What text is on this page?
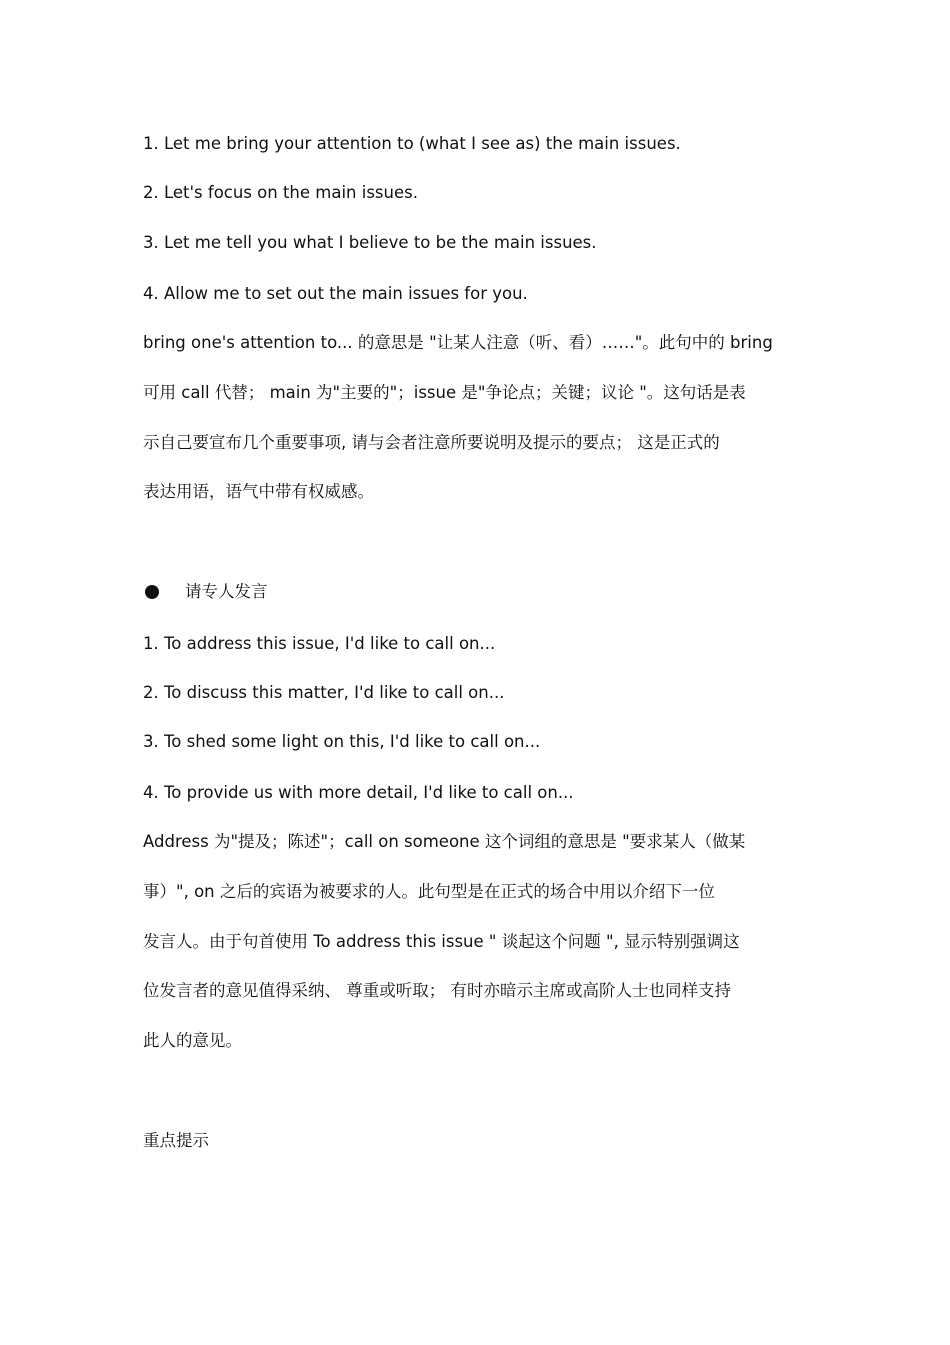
1. Let me bring your attention to (what I see as) the main issues.
2. Let's focus on the main issues.
3. Let me tell you what I believe to be the main issues.
4. Allow me to set out the main issues for you.
bring one's attention to... 的意思是 "让某人注意（听、看）……"。此句中的 bring
可用 call 代替； main 为"主要的"；issue 是"争论点；关键；议论 "。这句话是表
示自己要宣布几个重要事项, 请与会者注意所要说明及提示的要点； 这是正式的
表达用语，语气中带有权威感。
请专人发言
1. To address this issue, I'd like to call on...
2. To discuss this matter, I'd like to call on...
3. To shed some light on this, I'd like to call on...
4. To provide us with more detail, I'd like to call on...
Address 为"提及；陈述"；call on someone 这个词组的意思是 "要求某人（做某
事）", on 之后的宾语为被要求的人。此句型是在正式的场合中用以介绍下一位
发言人。由于句首使用 To address this issue " 谈起这个问题 ", 显示特别强调这
位发言者的意见值得采纳、 尊重或听取； 有时亦暗示主席或高阶人士也同样支持
此人的意见。
重点提示
